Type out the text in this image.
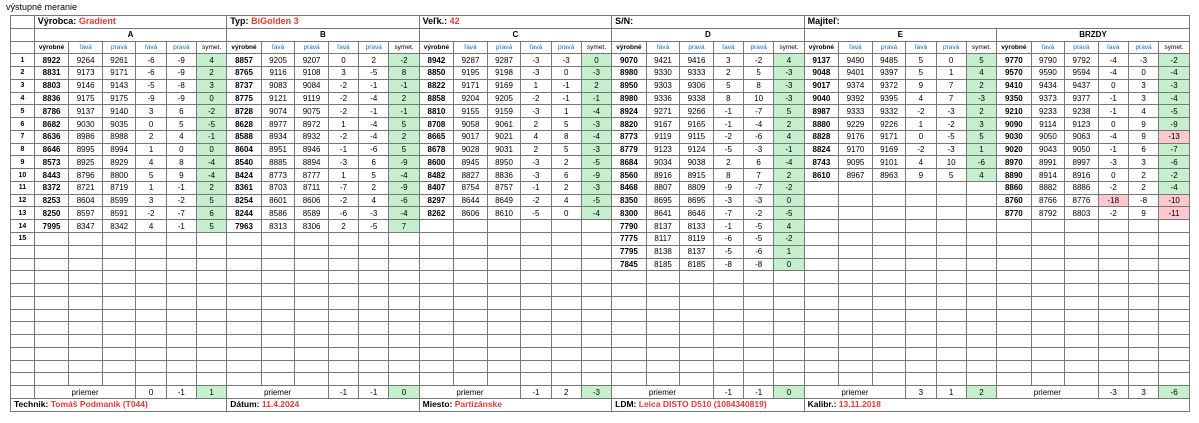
výstupné meranie
	Výrobca: Gradient						Typ: BiGolden 3						Veľk.: 42						S/N:						Majiteľ:											
	A						B						C						D						E						BRZDY					
	výrobné	ľavá	pravá	ľavá	pravá	symet.	výrobné	ľavá	pravá	ľavá	pravá	symet.	výrobné	ľavá	pravá	ľavá	pravá	symet.	výrobné	ľavá	pravá	ľavá	pravá	symet.	výrobné	ľavá	pravá	ľavá	pravá	symet.	výrobné	ľavá	pravá	ľavá	pravá	symet.
1	8922	9264	9261	-6	-9	4	8857	9205	9207	0	2	-2	8942	9287	9287	-3	-3	0	9070	9421	9416	3	-2	4	9137	9490	9485	5	0	5	9770	9790	9792	-4	-3	-2
2	8831	9173	9171	-6	-9	2	8765	9116	9108	3	-5	8	8850	9195	9198	-3	0	-3	8980	9330	9333	2	5	-3	9048	9401	9397	5	1	4	9570	9590	9594	-4	0	-4
3	8803	9146	9143	-5	-8	3	8737	9083	9084	-2	-1	-1	8822	9171	9169	1	-1	2	8950	9303	9306	5	8	-3	9017	9374	9372	9	7	2	9410	9434	9437	0	3	-3
4	8836	9175	9175	-9	-9	0	8775	9121	9119	-2	-4	2	8858	9204	9205	-2	-1	-1	8980	9336	9338	8	10	-3	9040	9392	9395	4	7	-3	9350	9373	9377	-1	3	-4
5	8786	9137	9140	3	6	-2	8728	9074	9075	-2	-1	-1	8810	9155	9159	-3	1	-4	8924	9271	9266	-1	-7	5	8987	9333	9332	-2	-3	2	9210	9233	9238	-1	4	-5
6	8682	9030	9035	0	5	-5	8628	8977	8972	1	-4	5	8708	9058	9061	2	5	-3	8820	9167	9165	-1	-4	2	8880	9229	9226	1	-2	3	9090	9114	9123	0	9	-9
7	8636	8986	8988	2	4	-1	8588	8934	8932	-2	-4	2	8665	9017	9021	4	8	-4	8773	9119	9115	-2	-6	4	8828	9176	9171	0	-5	5	9030	9050	9063	-4	9	-13
8	8646	8995	8994	1	0	0	8604	8951	8946	-1	-6	5	8678	9028	9031	2	5	-3	8779	9123	9124	-5	-3	-1	8824	9170	9169	-2	-3	1	9020	9043	9050	-1	6	-7
9	8573	8925	8929	4	8	-4	8540	8885	8894	-3	6	-9	8600	8945	8950	-3	2	-5	8684	9034	9038	2	6	-4	8743	9095	9101	4	10	-6	8970	8991	8997	-3	3	-6
10	8443	8796	8800	5	9	-4	8424	8773	8777	1	5	-4	8482	8827	8836	-3	6	-9	8560	8916	8915	8	7	2	8610	8967	8963	9	5	4	8890	8914	8916	0	2	-2
11	8372	8721	8719	1	-1	2	8361	8703	8711	-7	2	-9	8407	8754	8757	-1	2	-3	8468	8807	8809	-9	-7	-2							8860	8882	8886	-2	2	-4
12	8253	8604	8599	3	-2	5	8254	8601	8606	-2	4	-6	8297	8644	8649	-2	4	-5	8350	8695	8695	-3	-3	0							8760	8766	8776	-18	-8	-10
13	8250	8597	8591	-2	-7	6	8244	8586	8589	-6	-3	-4	8262	8606	8610	-5	0	-4	8300	8641	8646	-7	-2	-5							8770	8792	8803	-2	9	-11
14	7995	8347	8342	4	-1	5	7963	8313	8306	2	-5	7							7790	8137	8133	-1	-5	4												
15																			7775	8117	8119	-6	-5	-2												
																			7795	8138	8137	-5	-6	1												
																			7845	8185	8185	-8	-8	0												

	priemer			0	-1	1	priemer			-1	-1	0	priemer			-1	2	-3	priemer			-1	-1	0	priemer			3	1	2	priemer			-3	3	-6
Technik: Tomáš Podmanik (T044)							Dátum: 11.4.2024						Miesto: Partizánske						LDM: Leica DISTO D510 (1084340819)						Kalibr.: 13.11.2018											
